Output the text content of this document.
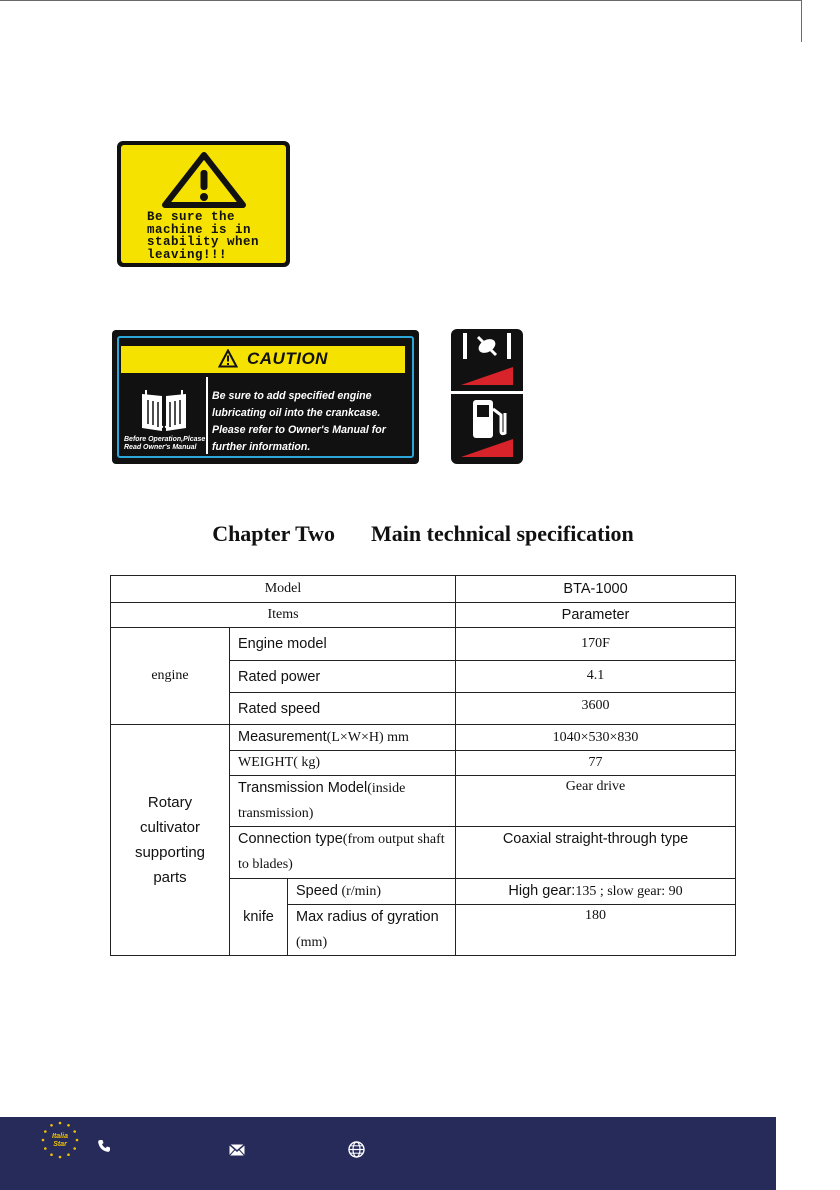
Be sure the
machine is in
stability when
leaving!!!
CAUTION
Before Operation,Plcase
Read Owner's Manual
Be sure to add specified engine lubricating oil into the crankcase. Please refer to Owner's Manual for further information.
Chapter Two Main technical specification
Model			BTA-1000
Items			Parameter
engine	Engine model		170F
	Rated power		4.1
	Rated speed		3600
Rotary cultivator supporting parts	Measurement(L×W×H) mm		1040×530×830
	WEIGHT( kg)		77
	Transmission Model(inside transmission)		Gear drive
	Connection type(from output shaft to blades)		Coaxial straight-through type
	knife	Speed (r/min)	High gear:135 ; slow gear: 90
		Max radius of gyration (mm)	180
Italia
Star
